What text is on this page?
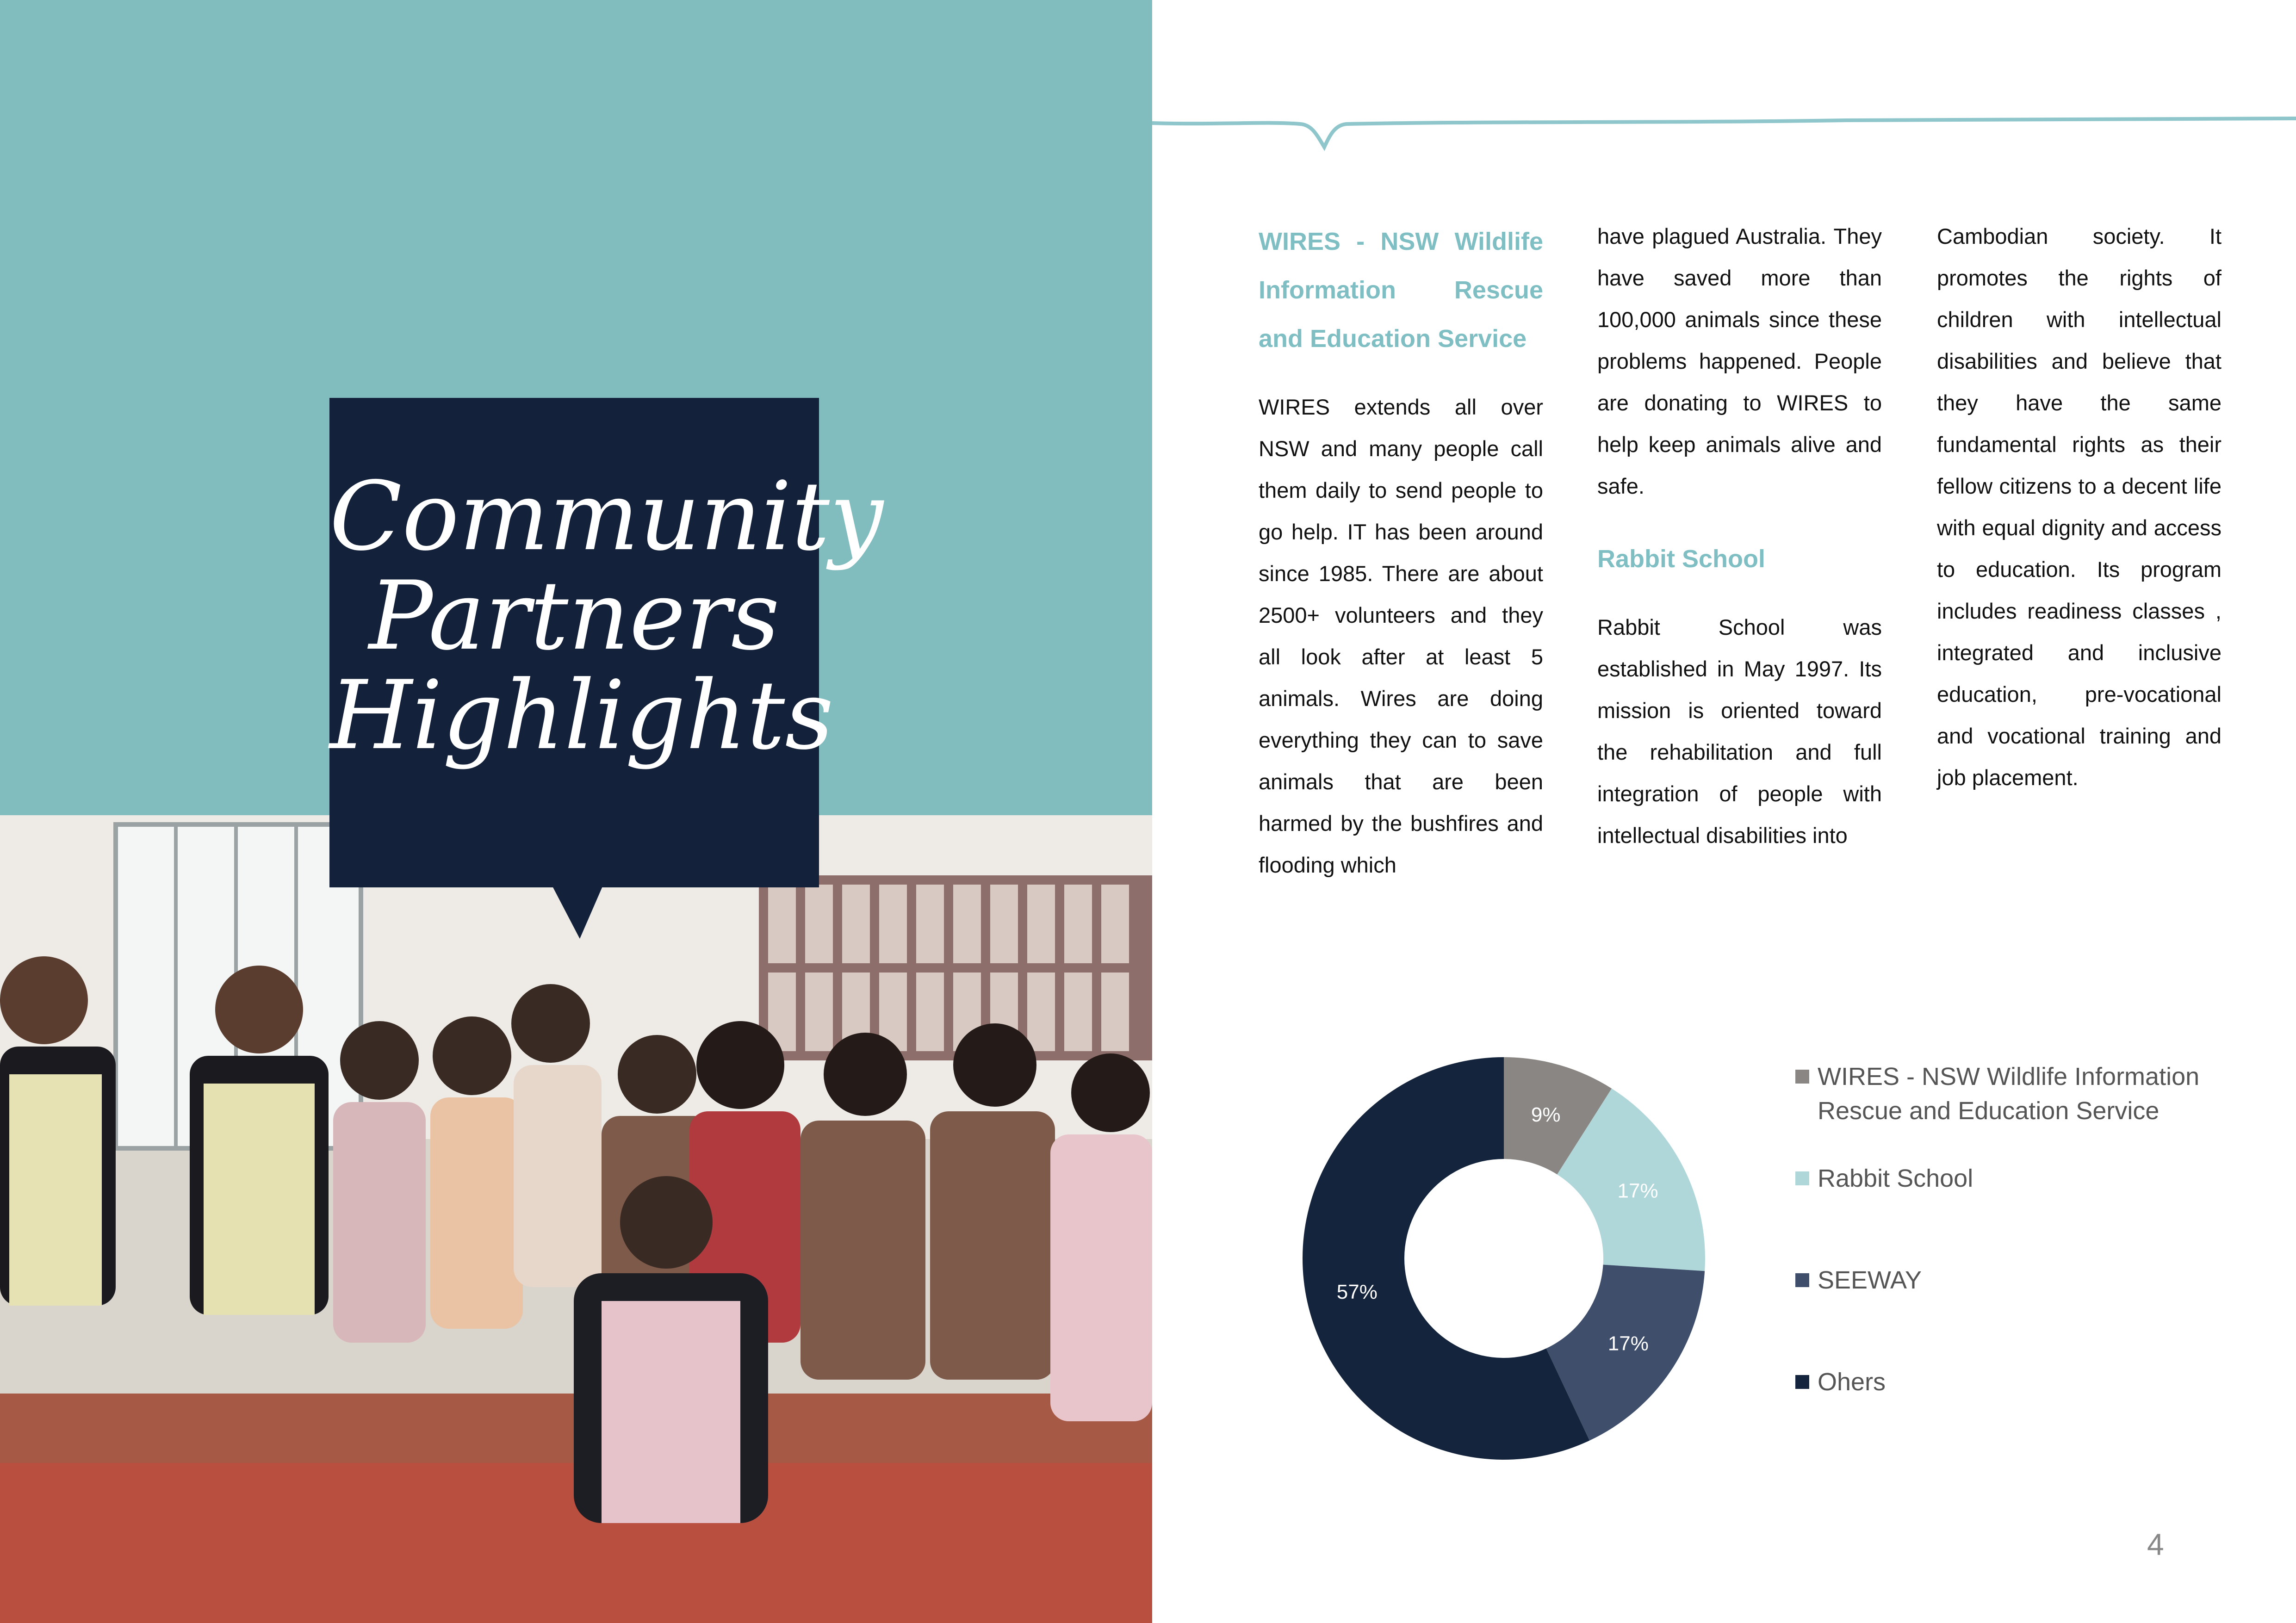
Community
Partners
Highlights

WIRES - NSW Wildlife Information Rescue and Education Service

WIRES extends all over NSW and many people call them daily to send people to go help. IT has been around since 1985. There are about 2500+ volunteers and they all look after at least 5 animals. Wires are doing everything they can to save animals that are been harmed by the bushfires and flooding which

have plagued Australia. They have saved more than 100,000 animals since these problems happened. People are donating to WIRES to help keep animals alive and safe.

Rabbit School

Rabbit School was established in May 1997. Its mission is oriented toward the rehabilitation and full integration of people with intellectual disabilities into

Cambodian society. It promotes the rights of children with intellectual disabilities and believe that they have the same fundamental rights as their fellow citizens to a decent life with equal dignity and access to education. Its program includes readiness classes , integrated and inclusive education, pre-vocational and vocational training and job placement.

9%
17%
17%
57%
WIRES - NSW Wildlife Information
Rescue and Education Service
Rabbit School
SEEWAY
Ohers
4
